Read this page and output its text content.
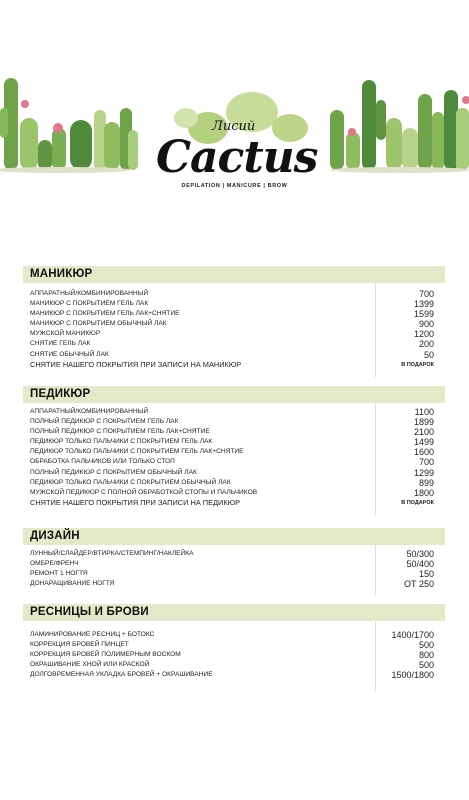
Лисий
Cactus
DEPILATION | MANICURE | BROW
МАНИКЮР
АППАРАТНЫЙ/КОМБИНИРОВАННЫЙ	700
МАНИКЮР С ПОКРЫТИЕМ ГЕЛЬ ЛАК	1399
МАНИКЮР С ПОКРЫТИЕМ ГЕЛЬ ЛАК+СНЯТИЕ	1599
МАНИКЮР С ПОКРЫТИЕМ ОБЫЧНЫЙ ЛАК	900
МУЖСКОЙ МАНИКЮР	1200
СНЯТИЕ ГЕЛЬ ЛАК	200
СНЯТИЕ ОБЫЧНЫЙ ЛАК	50
СНЯТИЕ НАШЕГО ПОКРЫТИЯ ПРИ ЗАПИСИ НА МАНИКЮР	В ПОДАРОК
ПЕДИКЮР
АППАРАТНЫЙ/КОМБИНИРОВАННЫЙ	1100
ПОЛНЫЙ ПЕДИКЮР С ПОКРЫТИЕМ ГЕЛЬ ЛАК	1899
ПОЛНЫЙ ПЕДИКЮР С ПОКРЫТИЕМ ГЕЛЬ ЛАК+СНЯТИЕ	2100
ПЕДИКЮР ТОЛЬКО ПАЛЬЧИКИ С ПОКРЫТИЕМ ГЕЛЬ ЛАК	1499
ПЕДИКЮР ТОЛЬКО ПАЛЬЧИКИ С ПОКРЫТИЕМ ГЕЛЬ ЛАК+СНЯТИЕ	1600
ОБРАБОТКА ПАЛЬЧИКОВ ИЛИ ТОЛЬКО СТОП	700
ПОЛНЫЙ ПЕДИКЮР С ПОКРЫТИЕМ ОБЫЧНЫЙ ЛАК	1299
ПЕДИКЮР ТОЛЬКО ПАЛЬЧИКИ С ПОКРЫТИЕМ ОБЫЧНЫЙ ЛАК	899
МУЖСКОЙ ПЕДИКЮР С ПОЛНОЙ ОБРАБОТКОЙ СТОПЫ И ПАЛЬЧИКОВ	1800
СНЯТИЕ НАШЕГО ПОКРЫТИЯ ПРИ ЗАПИСИ НА ПЕДИКЮР	В ПОДАРОК
ДИЗАЙН
ЛУННЫЙ/СЛАЙДЕР/ВТИРКА/СТЕМПИНГ/НАКЛЕЙКА	50/300
ОМБРЕ/ФРЕНЧ	50/400
РЕМОНТ 1 НОГТЯ	150
ДОНАРАЩИВАНИЕ НОГТЯ	ОТ 250
РЕСНИЦЫ И БРОВИ
ЛАМИНИРОВАНИЕ РЕСНИЦ + БОТОКС	1400/1700
КОРРЕКЦИЯ БРОВЕЙ ПИНЦЕТ	500
КОРРЕКЦИЯ БРОВЕЙ ПОЛИМЕРНЫМ ВОСКОМ	800
ОКРАШИВАНИЕ ХНОЙ ИЛИ КРАСКОЙ	500
ДОЛГОВРЕМЕННАЯ УКЛАДКА БРОВЕЙ + ОКРАШИВАНИЕ	1500/1800
